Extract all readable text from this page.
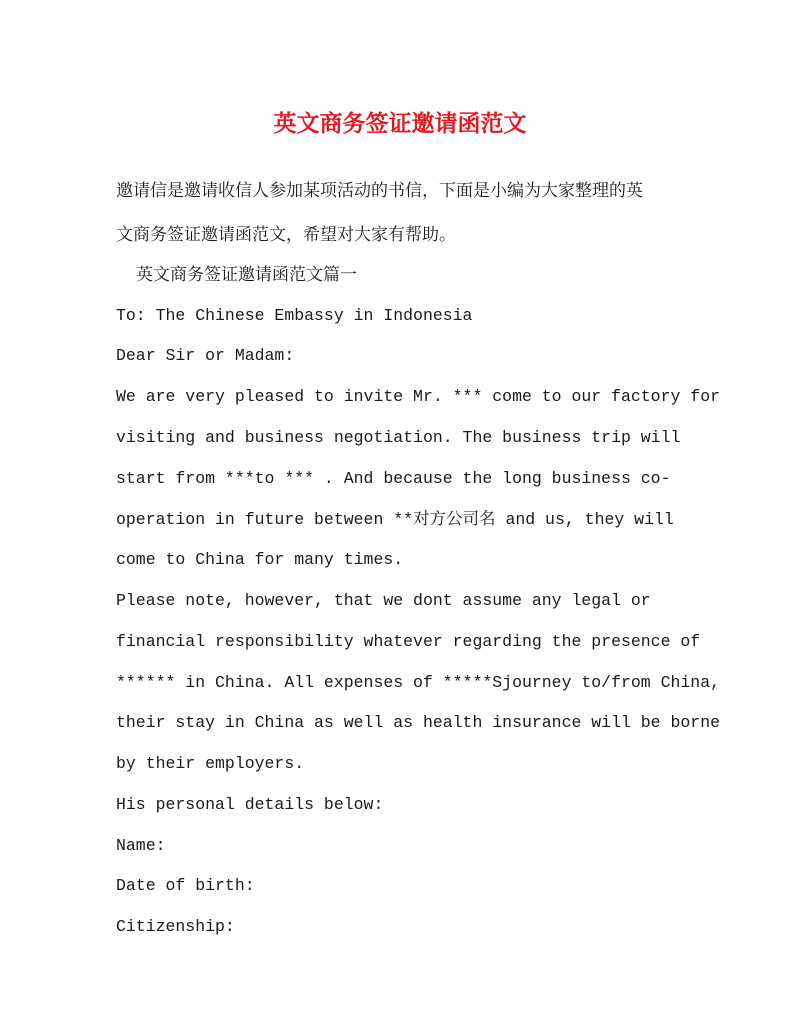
英文商务签证邀请函范文

邀请信是邀请收信人参加某项活动的书信，下面是小编为大家整理的英

文商务签证邀请函范文，希望对大家有帮助。

英文商务签证邀请函范文篇一

To: The Chinese Embassy in Indonesia

Dear Sir or Madam:

We are very pleased to invite Mr. *** come to our factory for

visiting and business negotiation. The business trip will

start from ***to *** . And because the long business co-

operation in future between **对方公司名 and us, they will

come to China for many times.

Please note, however, that we dont assume any legal or

financial responsibility whatever regarding the presence of

****** in China. All expenses of *****Sjourney to/from China,

their stay in China as well as health insurance will be borne

by their employers.

His personal details below:

Name:

Date of birth:

Citizenship:
